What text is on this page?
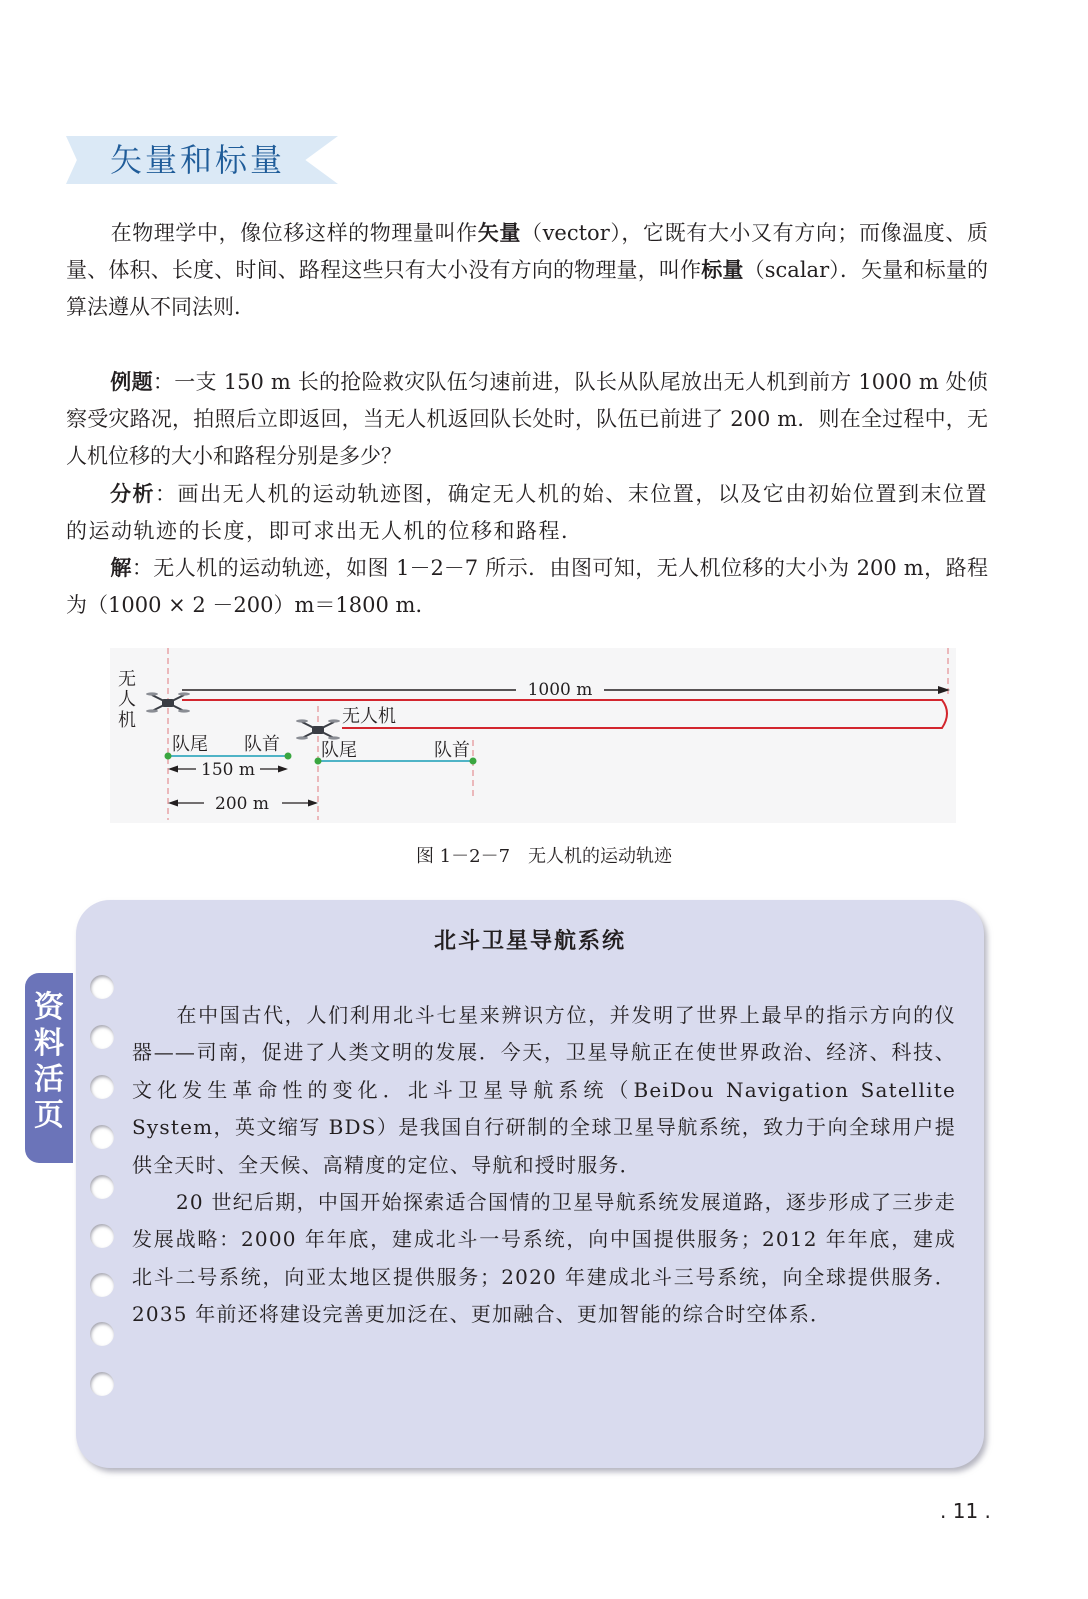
矢量和标量

在物理学中，像位移这样的物理量叫作矢量（vector），它既有大小又有方向；而像温度、质量、体积、长度、时间、路程这些只有大小没有方向的物理量，叫作标量（scalar）．矢量和标量的算法遵从不同法则．

例题：一支 150 m 长的抢险救灾队伍匀速前进，队长从队尾放出无人机到前方 1000 m 处侦察受灾路况，拍照后立即返回，当无人机返回队长处时，队伍已前进了 200 m．则在全过程中，无人机位移的大小和路程分别是多少？

分析：画出无人机的运动轨迹图，确定无人机的始、末位置，以及它由初始位置到末位置的运动轨迹的长度，即可求出无人机的位移和路程．

解：无人机的运动轨迹，如图 1－2－7 所示．由图可知，无人机位移的大小为 200 m，路程为（1000 × 2 －200）m＝1800 m．

1000 m
无
人
机	无人机
队尾 队首 队尾	队首
150 m
200 m
图 1－2－7　无人机的运动轨迹
资
料
活
页
北斗卫星导航系统

在中国古代，人们利用北斗七星来辨识方位，并发明了世界上最早的指示方向的仪器——司南，促进了人类文明的发展．今天，卫星导航正在使世界政治、经济、科技、文化发生革命性的变化．北斗卫星导航系统（BeiDou Navigation Satellite System，英文缩写 BDS）是我国自行研制的全球卫星导航系统，致力于向全球用户提供全天时、全天候、高精度的定位、导航和授时服务．

20 世纪后期，中国开始探索适合国情的卫星导航系统发展道路，逐步形成了三步走发展战略：2000 年年底，建成北斗一号系统，向中国提供服务；2012 年年底，建成北斗二号系统，向亚太地区提供服务；2020 年建成北斗三号系统，向全球提供服务．2035 年前还将建设完善更加泛在、更加融合、更加智能的综合时空体系．

. 11 .
